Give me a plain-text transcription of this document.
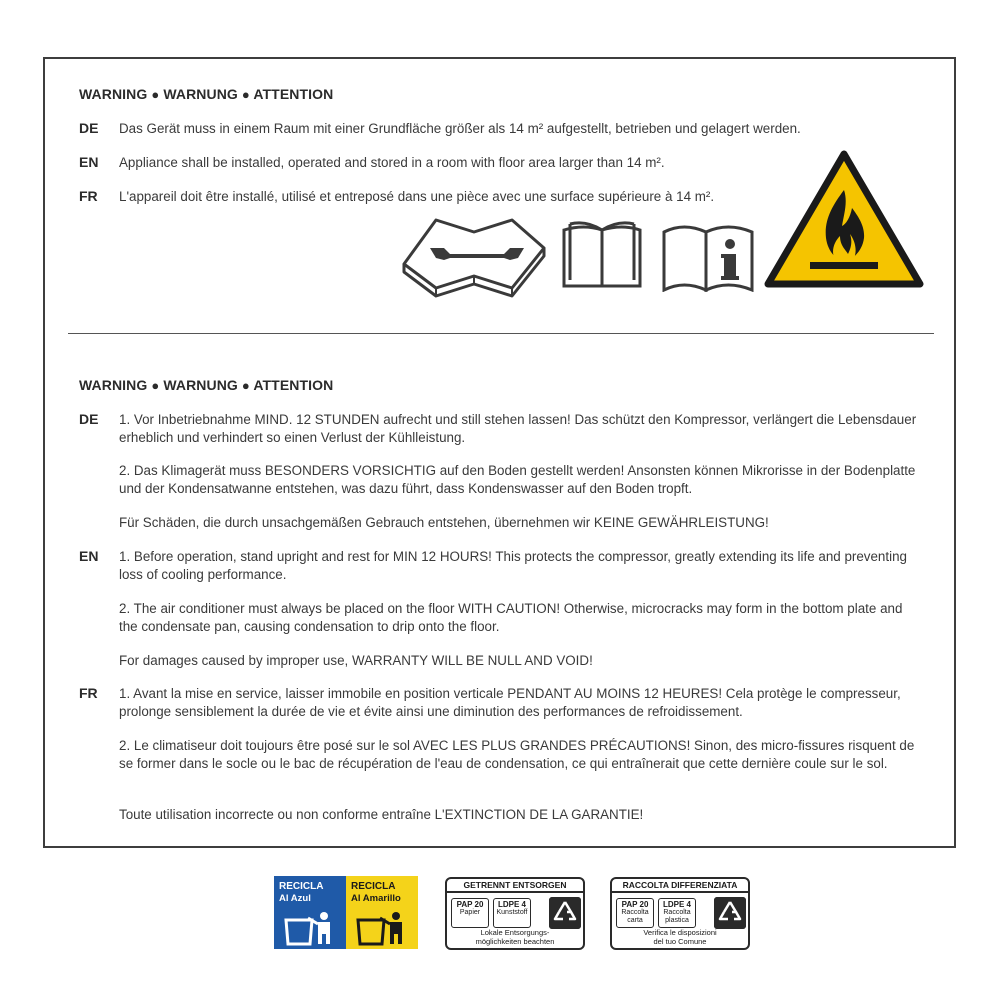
WARNING ● WARNUNG ● ATTENTION
DE Das Gerät muss in einem Raum mit einer Grundfläche größer als 14 m² aufgestellt, betrieben und gelagert werden.
EN Appliance shall be installed, operated and stored in a room with floor area larger than 14 m².
FR L'appareil doit être installé, utilisé et entreposé dans une pièce avec une surface supérieure à 14 m².
WARNING ● WARNUNG ● ATTENTION
DE 1. Vor Inbetriebnahme MIND. 12 STUNDEN aufrecht und still stehen lassen! Das schützt den Kompressor, verlängert die Lebensdauer erheblich und verhindert so einen Verlust der Kühlleistung.
2. Das Klimagerät muss BESONDERS VORSICHTIG auf den Boden gestellt werden! Ansonsten können Mikrorisse in der Bodenplatte und der Kondensatwanne entstehen, was dazu führt, dass Kondenswasser auf den Boden tropft.
Für Schäden, die durch unsachgemäßen Gebrauch entstehen, übernehmen wir KEINE GEWÄHRLEISTUNG!
EN 1. Before operation, stand upright and rest for MIN 12 HOURS! This protects the compressor, greatly extending its life and preventing loss of cooling performance.
2. The air conditioner must always be placed on the floor WITH CAUTION! Otherwise, microcracks may form in the bottom plate and the condensate pan, causing condensation to drip onto the floor.
For damages caused by improper use, WARRANTY WILL BE NULL AND VOID!
FR 1. Avant la mise en service, laisser immobile en position verticale PENDANT AU MOINS 12 HEURES! Cela protège le compresseur, prolonge sensiblement la durée de vie et évite ainsi une diminution des performances de refroidissement.
2. Le climatiseur doit toujours être posé sur le sol AVEC LES PLUS GRANDES PRÉCAUTIONS! Sinon, des micro-fissures risquent de se former dans le socle ou le bac de récupération de l'eau de condensation, ce qui entraînerait que cette dernière coule sur le sol.
Toute utilisation incorrecte ou non conforme entraîne L'EXTINCTION DE LA GARANTIE!
RECICLA
Al Azul
RECICLA
Al Amarillo
GETRENNT ENTSORGEN
PAP 20
Papier
LDPE 4
Kunststoff
Lokale Entsorgungs-
möglichkeiten beachten
RACCOLTA DIFFERENZIATA
PAP 20
Raccolta
carta
LDPE 4
Raccolta
plastica
Verifica le disposizioni
del tuo Comune
